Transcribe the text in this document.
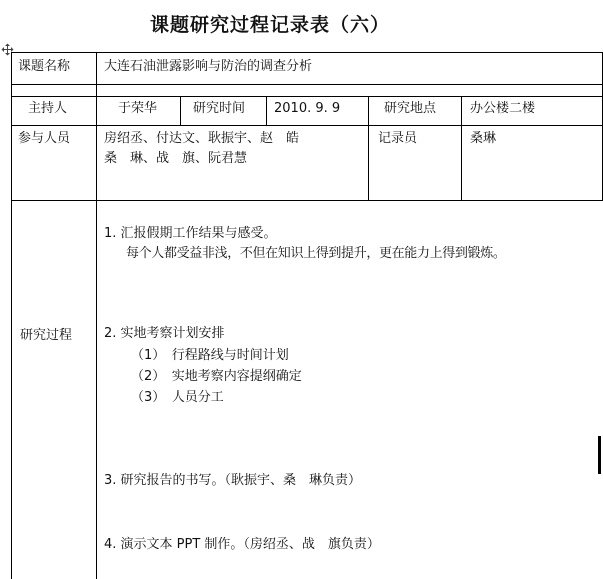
课题研究过程记录表（六）
课题名称	大连石油泄露影响与防治的调查分析
主持人	于荣华	研究时间 2010. 9. 9	研究地点	办公楼二楼
参与人员	房绍丞、付达文、耿振宇、赵　皓
桑　琳、战　旗、阮君慧
记录员	桑琳
研究过程
1. 汇报假期工作结果与感受。
每个人都受益非浅，不但在知识上得到提升，更在能力上得到锻炼。
2. 实地考察计划安排
（1）　行程路线与时间计划
（2）　实地考察内容提纲确定
（3）　人员分工
3. 研究报告的书写。（耿振宇、桑　琳负责）
4. 演示文本 PPT 制作。（房绍丞、战　旗负责）
